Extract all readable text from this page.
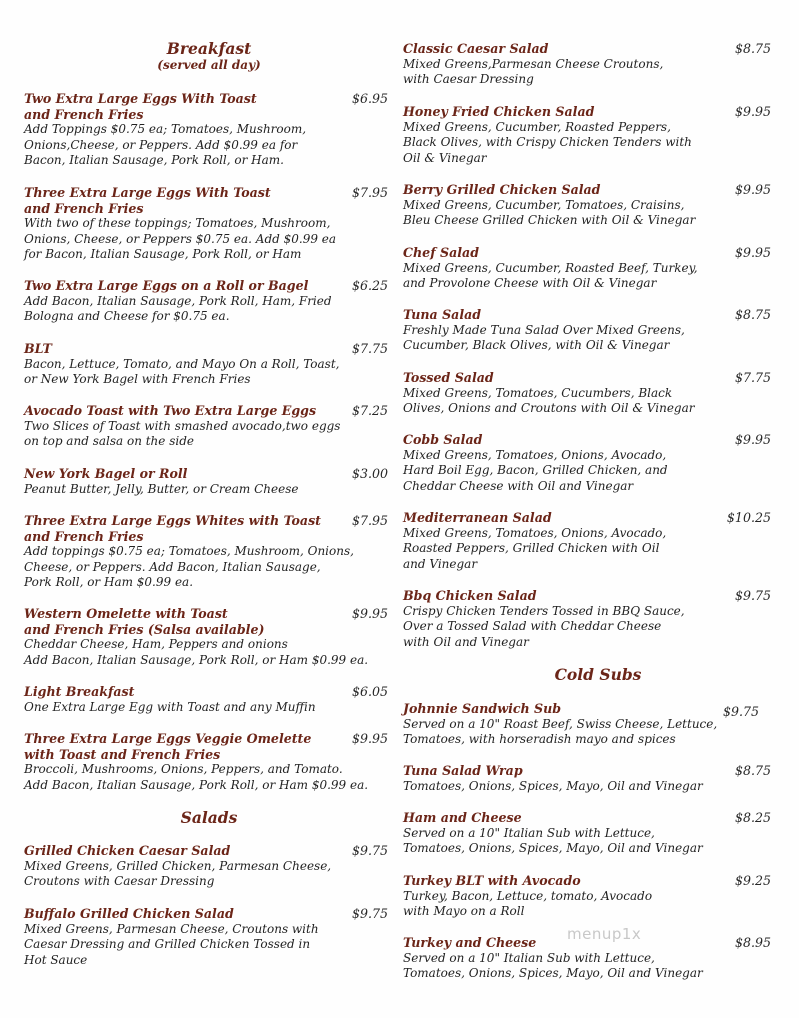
Breakfast
(served all day)
Two Extra Large Eggs With Toast
and French Fries
$6.95
Add Toppings $0.75 ea; Tomatoes, Mushroom,
Onions,Cheese, or Peppers. Add $0.99 ea for
Bacon, Italian Sausage, Pork Roll, or Ham.
Three Extra Large Eggs With Toast
and French Fries
$7.95
With two of these toppings; Tomatoes, Mushroom,
Onions, Cheese, or Peppers $0.75 ea. Add $0.99 ea
for Bacon, Italian Sausage, Pork Roll, or Ham
Two Extra Large Eggs on a Roll or Bagel	$6.25
Add Bacon, Italian Sausage, Pork Roll, Ham, Fried
Bologna and Cheese for $0.75 ea.
BLT	$7.75
Bacon, Lettuce, Tomato, and Mayo On a Roll, Toast,
or New York Bagel with French Fries
Avocado Toast with Two Extra Large Eggs	$7.25
Two Slices of Toast with smashed avocado,two eggs
on top and salsa on the side
New York Bagel or Roll	$3.00
Peanut Butter, Jelly, Butter, or Cream Cheese
Three Extra Large Eggs Whites with Toast
and French Fries
$7.95
Add toppings $0.75 ea; Tomatoes, Mushroom, Onions,
Cheese, or Peppers. Add Bacon, Italian Sausage,
Pork Roll, or Ham $0.99 ea.
Western Omelette with Toast
and French Fries (Salsa available)
$9.95
Cheddar Cheese, Ham, Peppers and onions
Add Bacon, Italian Sausage, Pork Roll, or Ham $0.99 ea.
Light Breakfast	$6.05
One Extra Large Egg with Toast and any Muffin
Three Extra Large Eggs Veggie Omelette
with Toast and French Fries
$9.95
Broccoli, Mushrooms, Onions, Peppers, and Tomato.
Add Bacon, Italian Sausage, Pork Roll, or Ham $0.99 ea.
Salads
Grilled Chicken Caesar Salad	$9.75
Mixed Greens, Grilled Chicken, Parmesan Cheese,
Croutons with Caesar Dressing
Buffalo Grilled Chicken Salad	$9.75
Mixed Greens, Parmesan Cheese, Croutons with
Caesar Dressing and Grilled Chicken Tossed in
Hot Sauce
Classic Caesar Salad	$8.75
Mixed Greens,Parmesan Cheese Croutons,
with Caesar Dressing
Honey Fried Chicken Salad	$9.95
Mixed Greens, Cucumber, Roasted Peppers,
Black Olives, with Crispy Chicken Tenders with
Oil & Vinegar
Berry Grilled Chicken Salad	$9.95
Mixed Greens, Cucumber, Tomatoes, Craisins,
Bleu Cheese Grilled Chicken with Oil & Vinegar
Chef Salad	$9.95
Mixed Greens, Cucumber, Roasted Beef, Turkey,
and Provolone Cheese with Oil & Vinegar
Tuna Salad	$8.75
Freshly Made Tuna Salad Over Mixed Greens,
Cucumber, Black Olives, with Oil & Vinegar
Tossed Salad	$7.75
Mixed Greens, Tomatoes, Cucumbers, Black
Olives, Onions and Croutons with Oil & Vinegar
Cobb Salad	$9.95
Mixed Greens, Tomatoes, Onions, Avocado,
Hard Boil Egg, Bacon, Grilled Chicken, and
Cheddar Cheese with Oil and Vinegar
Mediterranean Salad	$10.25
Mixed Greens, Tomatoes, Onions, Avocado,
Roasted Peppers, Grilled Chicken with Oil
and Vinegar
Bbq Chicken Salad	$9.75
Crispy Chicken Tenders Tossed in BBQ Sauce,
Over a Tossed Salad with Cheddar Cheese
with Oil and Vinegar
Cold Subs
Johnnie Sandwich Sub	$9.75
Served on a 10" Roast Beef, Swiss Cheese, Lettuce,
Tomatoes, with horseradish mayo and spices
Tuna Salad Wrap	$8.75
Tomatoes, Onions, Spices, Mayo, Oil and Vinegar
Ham and Cheese	$8.25
Served on a 10" Italian Sub with Lettuce,
Tomatoes, Onions, Spices, Mayo, Oil and Vinegar
Turkey BLT with Avocado	$9.25
Turkey, Bacon, Lettuce, tomato, Avocado
with Mayo on a Roll
Turkey and Cheese	$8.95
Served on a 10" Italian Sub with Lettuce,
Tomatoes, Onions, Spices, Mayo, Oil and Vinegar
menup1x
